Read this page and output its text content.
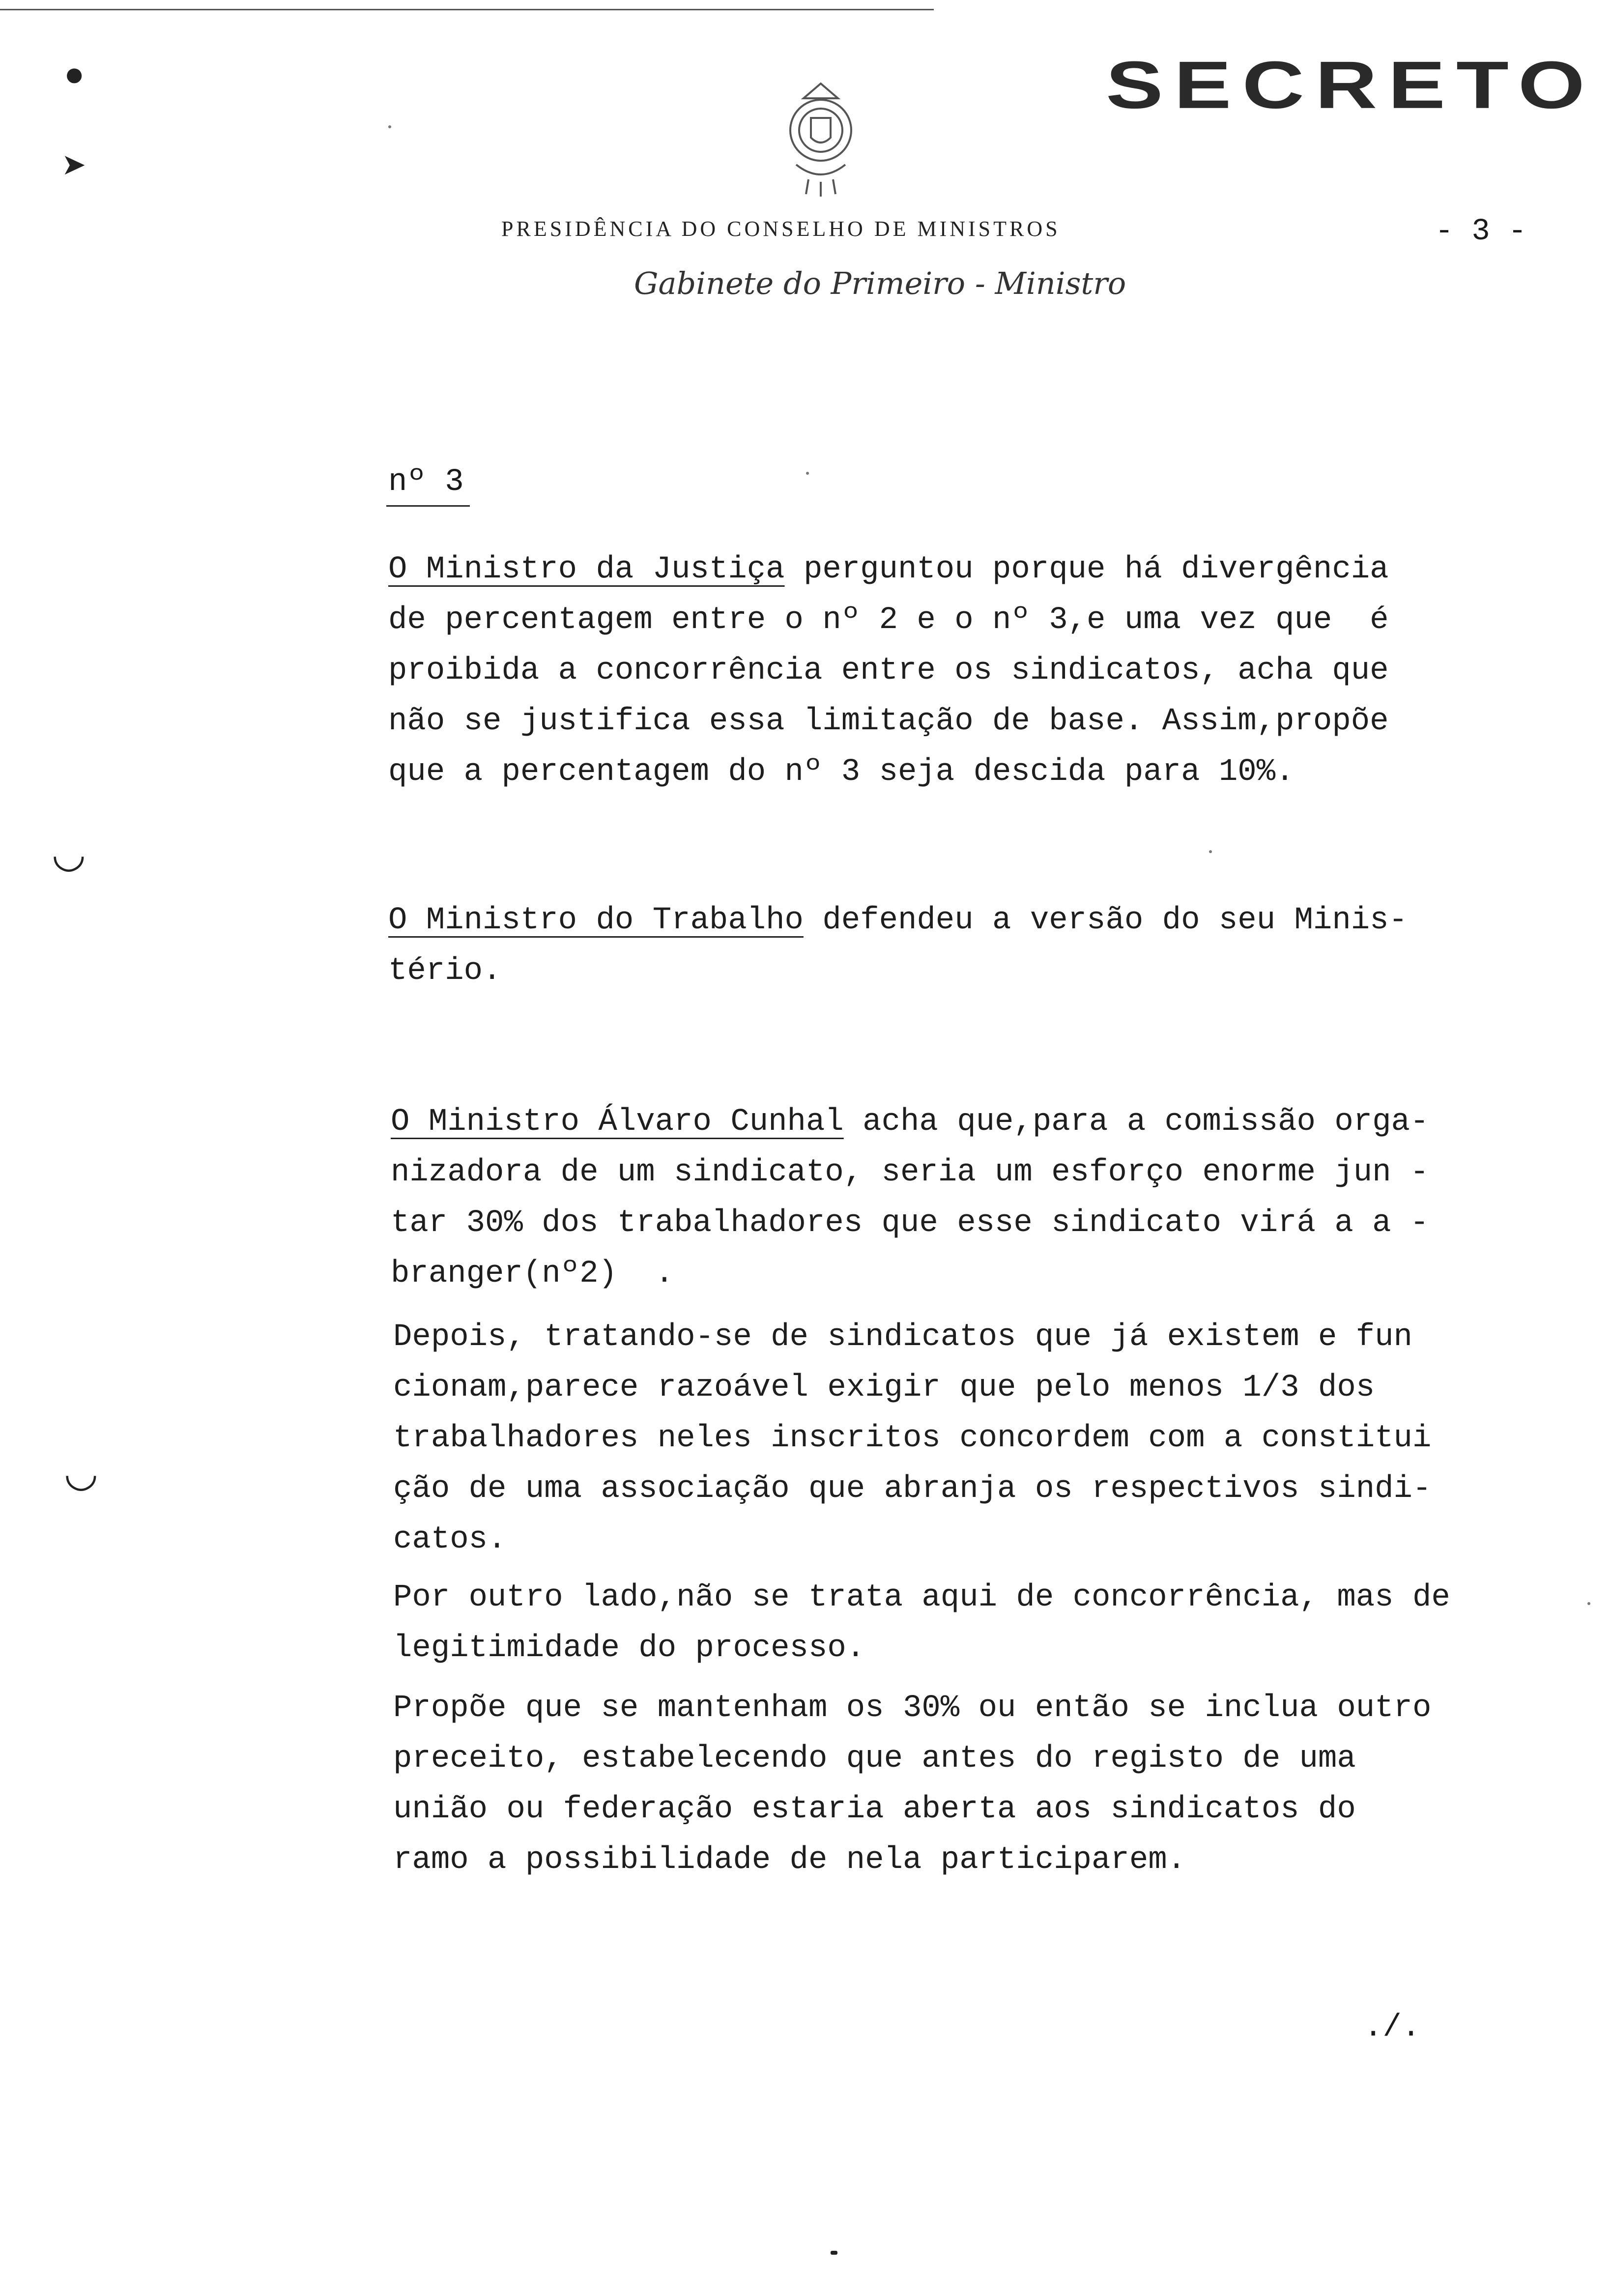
SECRETO
PRESIDÊNCIA DO CONSELHO DE MINISTROS
Gabinete do Primeiro - Ministro
- 3 -
●
➤
◡
◡
nº 3
O Ministro da Justiça perguntou porque há divergência
de percentagem entre o nº 2 e o nº 3,e uma vez que  é
proibida a concorrência entre os sindicatos, acha que
não se justifica essa limitação de base. Assim,propõe
que a percentagem do nº 3 seja descida para 10%.
O Ministro do Trabalho defendeu a versão do seu Minis-
tério.
O Ministro Álvaro Cunhal acha que,para a comissão orga-
nizadora de um sindicato, seria um esforço enorme jun -
tar 30% dos trabalhadores que esse sindicato virá a a -
branger(nº2)  .
Depois, tratando-se de sindicatos que já existem e fun
cionam,parece razoável exigir que pelo menos 1/3 dos
trabalhadores neles inscritos concordem com a constitui
ção de uma associação que abranja os respectivos sindi-
catos.
Por outro lado,não se trata aqui de concorrência, mas de
legitimidade do processo.
Propõe que se mantenham os 30% ou então se inclua outro
preceito, estabelecendo que antes do registo de uma
união ou federação estaria aberta aos sindicatos do
ramo a possibilidade de nela participarem.
./.
